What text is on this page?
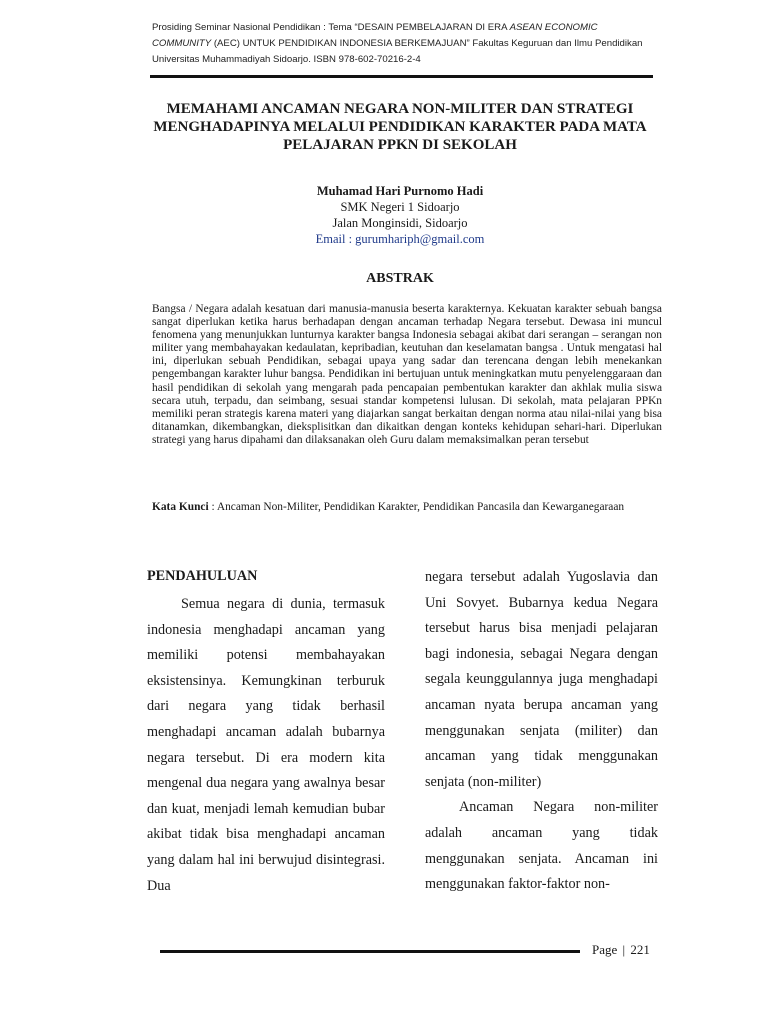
Prosiding Seminar Nasional Pendidikan : Tema “DESAIN PEMBELAJARAN DI ERA ASEAN ECONOMIC COMMUNITY (AEC) UNTUK PENDIDIKAN INDONESIA BERKEMAJUAN” Fakultas Keguruan dan Ilmu Pendidikan Universitas Muhammadiyah Sidoarjo. ISBN 978-602-70216-2-4
MEMAHAMI ANCAMAN NEGARA NON-MILITER DAN STRATEGI MENGHADAPINYA MELALUI PENDIDIKAN KARAKTER PADA MATA PELAJARAN PPKN DI SEKOLAH
Muhamad Hari Purnomo Hadi
SMK Negeri 1 Sidoarjo
Jalan Monginsidi, Sidoarjo
Email : gurumhariph@gmail.com
ABSTRAK
Bangsa / Negara adalah kesatuan dari manusia-manusia beserta karakternya. Kekuatan karakter sebuah bangsa sangat diperlukan ketika harus berhadapan dengan ancaman terhadap Negara tersebut. Dewasa ini muncul fenomena yang menunjukkan lunturnya karakter bangsa Indonesia sebagai akibat dari serangan – serangan non militer yang membahayakan kedaulatan, kepribadian, keutuhan dan keselamatan bangsa . Untuk mengatasi hal ini, diperlukan sebuah Pendidikan, sebagai upaya yang sadar dan terencana dengan lebih menekankan pengembangan karakter luhur bangsa. Pendidikan ini bertujuan untuk meningkatkan mutu penyelenggaraan dan hasil pendidikan di sekolah yang mengarah pada pencapaian pembentukan karakter dan akhlak mulia siswa secara utuh, terpadu, dan seimbang, sesuai standar kompetensi lulusan. Di sekolah, mata pelajaran PPKn memiliki peran strategis karena materi yang diajarkan sangat berkaitan dengan norma atau nilai-nilai yang bisa ditanamkan, dikembangkan, dieksplisitkan dan dikaitkan dengan konteks kehidupan sehari-hari. Diperlukan strategi yang harus dipahami dan dilaksanakan oleh Guru dalam memaksimalkan peran tersebut
Kata Kunci : Ancaman Non-Militer, Pendidikan Karakter, Pendidikan Pancasila dan Kewarganegaraan

PENDAHULUAN

Semua negara di dunia, termasuk indonesia menghadapi ancaman yang memiliki potensi membahayakan eksistensinya. Kemungkinan terburuk dari negara yang tidak berhasil menghadapi ancaman adalah bubarnya negara tersebut. Di era modern kita mengenal dua negara yang awalnya besar dan kuat, menjadi lemah kemudian bubar akibat tidak bisa menghadapi ancaman yang dalam hal ini berwujud disintegrasi. Dua

negara tersebut adalah Yugoslavia dan Uni Sovyet. Bubarnya kedua Negara tersebut harus bisa menjadi pelajaran bagi indonesia, sebagai Negara dengan segala keunggulannya juga menghadapi ancaman nyata berupa ancaman yang menggunakan senjata (militer) dan ancaman yang tidak menggunakan senjata (non-militer)

Ancaman Negara non-militer adalah ancaman yang tidak menggunakan senjata. Ancaman ini menggunakan faktor-faktor non-

Page | 221
